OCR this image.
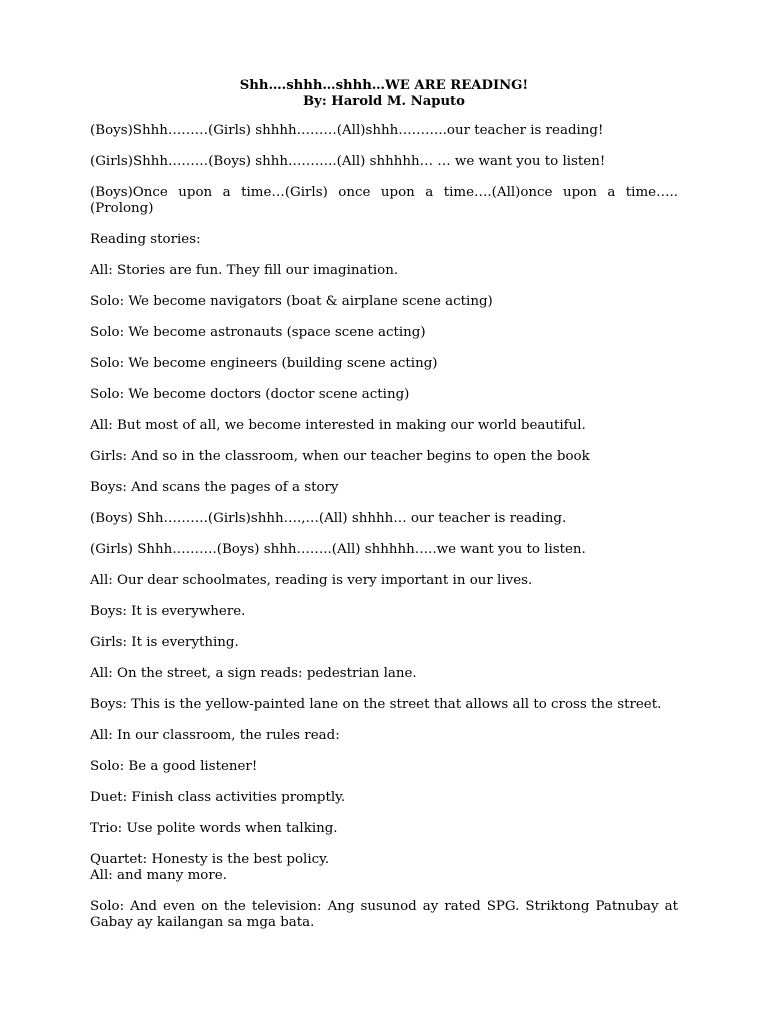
Shh….shhh…shhh…WE ARE READING!
By: Harold M. Naputo

(Boys)Shhh………(Girls) shhhh………(All)shhh………..our teacher is reading!

(Girls)Shhh………(Boys) shhh………..(All) shhhhh… … we want you to listen!

(Boys)Once upon a time…(Girls) once upon a time….(All)once upon a time….. (Prolong)

Reading stories:

All: Stories are fun. They fill our imagination.

Solo: We become navigators (boat & airplane scene acting)

Solo: We become astronauts (space scene acting)

Solo: We become engineers (building scene acting)

Solo: We become doctors (doctor scene acting)

All: But most of all, we become interested in making our world beautiful.

Girls: And so in the classroom, when our teacher begins to open the book

Boys: And scans the pages of a story

(Boys) Shh……….(Girls)shhh….,…(All) shhhh… our teacher is reading.

(Girls) Shhh……….(Boys) shhh……..(All) shhhhh…..we want you to listen.

All: Our dear schoolmates, reading is very important in our lives.

Boys: It is everywhere.

Girls: It is everything.

All: On the street, a sign reads: pedestrian lane.

Boys: This is the yellow-painted lane on the street that allows all to cross the street.

All: In our classroom, the rules read:

Solo: Be a good listener!

Duet: Finish class activities promptly.

Trio: Use polite words when talking.

Quartet: Honesty is the best policy.
All: and many more.

Solo: And even on the television: Ang susunod ay rated SPG. Striktong Patnubay at Gabay ay kailangan sa mga bata.
